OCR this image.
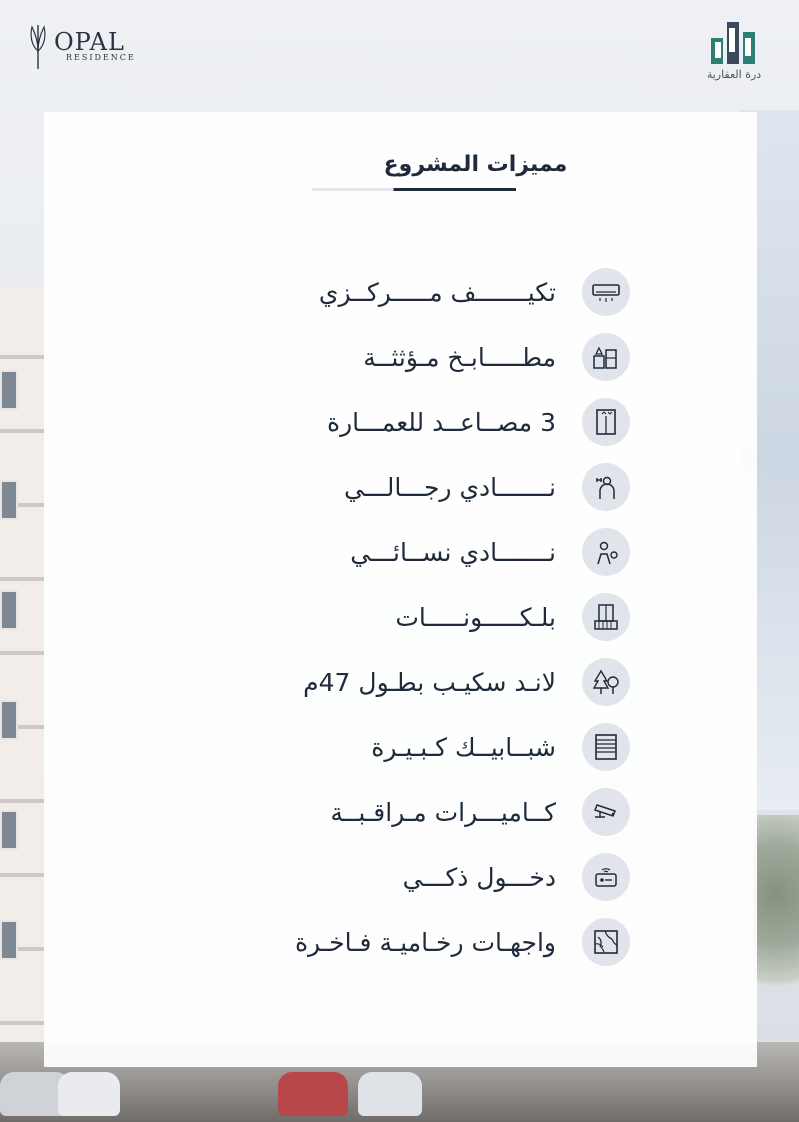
OPAL
RESIDENCE
درة العقارية
مميزات المشروع
تكيـــــــف مـــــركــزي
مطـــــابـخ مـؤثثــة
3 مصــاعــد للعمـــارة
نـــــــادي رجـــالـــي
نـــــــادي نســائـــي
بلـكـــــونـــــات
لانـد سكيـب بطـول 47م
شبــابيــك كـبـيـرة
كــاميـــرات مـراقـبــة
دخـــول ذكـــي
واجهـات رخـاميـة فـاخـرة
